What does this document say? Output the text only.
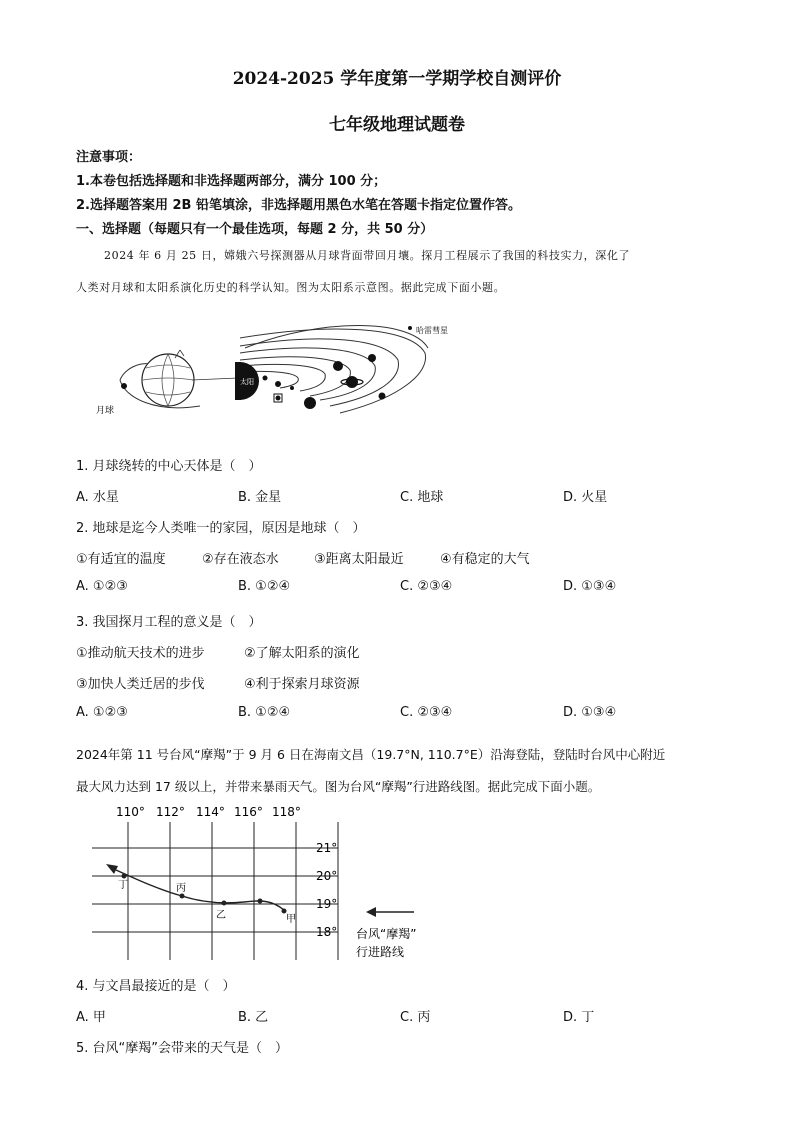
2024-2025 学年度第一学期学校自测评价
七年级地理试题卷
注意事项：
1.本卷包括选择题和非选择题两部分，满分 100 分；
2.选择题答案用 2B 铅笔填涂，非选择题用黑色水笔在答题卡指定位置作答。
一、选择题（每题只有一个最佳选项，每题 2 分，共 50 分）
2024 年 6 月 25 日，嫦娥六号探测器从月球背面带回月壤。探月工程展示了我国的科技实力，深化了
人类对月球和太阳系演化历史的科学认知。图为太阳系示意图。据此完成下面小题。
哈雷彗星
月球
太阳
1. 月球绕转的中心天体是（　）
A. 水星	B. 金星	C. 地球	D. 火星
2. 地球是迄今人类唯一的家园，原因是地球（　）
①有适宜的温度	②存在液态水	③距离太阳最近	④有稳定的大气
A. ①②③	B. ①②④	C. ②③④	D. ①③④
3. 我国探月工程的意义是（　）
①推动航天技术的进步	②了解太阳系的演化
③加快人类迁居的步伐	④利于探索月球资源
A. ①②③	B. ①②④	C. ②③④	D. ①③④
2024年第 11 号台风“摩羯”于 9 月 6 日在海南文昌（19.7°N, 110.7°E）沿海登陆，登陆时台风中心附近
最大风力达到 17 级以上，并带来暴雨天气。图为台风“摩羯”行进路线图。据此完成下面小题。
110° 112° 114° 116° 118°
21°
20°
19°
18°
丁	丙
乙	甲
台风“摩羯”
行进路线
4. 与文昌最接近的是（　）
A. 甲	B. 乙	C. 丙	D. 丁
5. 台风“摩羯”会带来的天气是（　）
